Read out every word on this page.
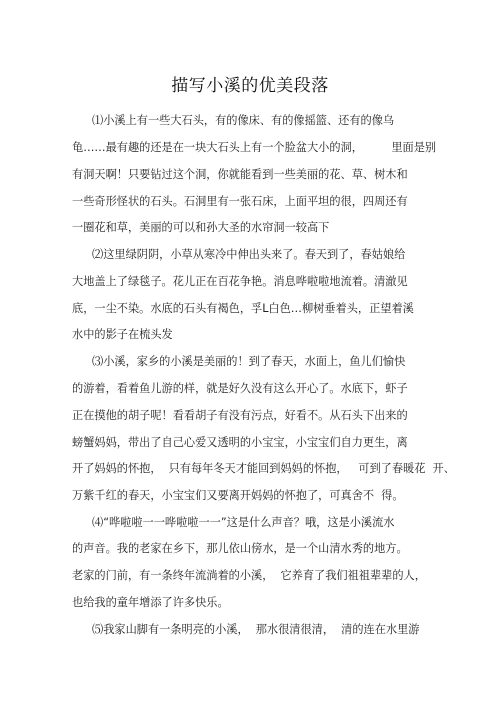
描写小溪的优美段落
⑴小溪上有一些大石头，有的像床、有的像摇篮、还有的像乌
龟……最有趣的还是在一块大石头上有一个脸盆大小的洞，        里面是别
有洞天啊！只要钻过这个洞，你就能看到一些美丽的花、草、树木和
一些奇形怪状的石头。石洞里有一张石床，上面平坦的很，四周还有
一圈花和草，美丽的可以和孙大圣的水帘洞一较高下
⑵这里绿阴阴，小草从寒冷中伸出头来了。春天到了，春姑娘给
大地盖上了绿毯子。花儿正在百花争艳。消息哗啦啦地流着。清澈见
底，一尘不染。水底的石头有褐色，孚L白色…柳树垂着头，正望着溪
水中的影子在梳头发
⑶小溪，家乡的小溪是美丽的！到了春天，水面上，鱼儿们愉快
的游着，看着鱼儿游的样，就是好久没有这么开心了。水底下，虾子
正在摸他的胡子呢！看看胡子有没有污点，好看不。从石头下出来的
螃蟹妈妈，带出了自己心爱又透明的小宝宝，小宝宝们自力更生，离
开了妈妈的怀抱，  只有每年冬天才能回到妈妈的怀抱，   可到了春暖花  开、
万紫千红的春天，小宝宝们又要离开妈妈的怀抱了，可真舍不  得。
⑷“哗啦啦一一哗啦啦一一”这是什么声音？哦，这是小溪流水
的声音。我的老家在乡下，那儿依山傍水，是一个山清水秀的地方。
老家的门前，有一条终年流淌着的小溪，  它养育了我们祖祖辈辈的人，
也给我的童年增添了许多快乐。
⑸我家山脚有一条明亮的小溪，  那水很清很清，  清的连在水里游
